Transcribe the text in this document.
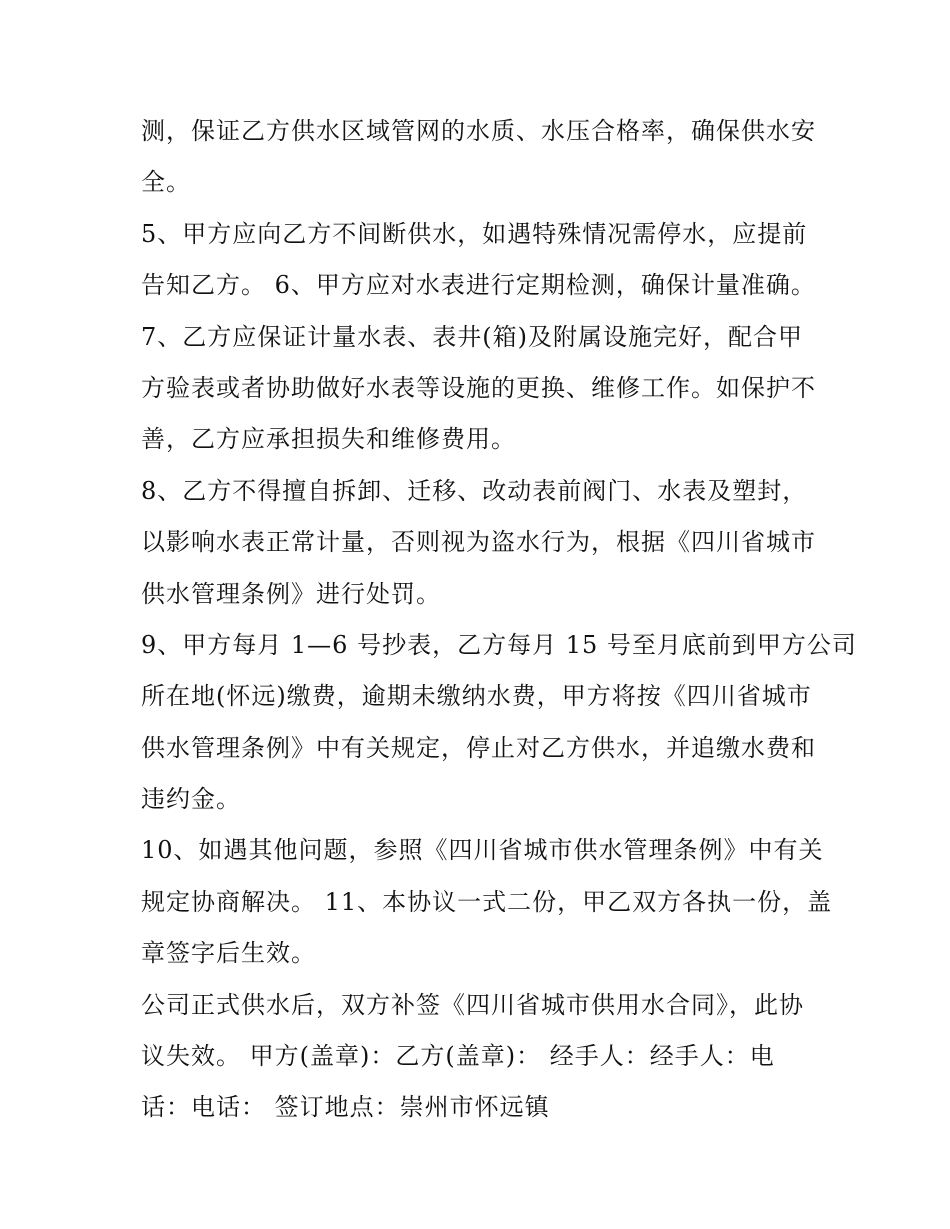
测，保证乙方供水区域管网的水质、水压合格率，确保供水安
全。
5、甲方应向乙方不间断供水，如遇特殊情况需停水，应提前
告知乙方。 6、甲方应对水表进行定期检测，确保计量准确。
7、乙方应保证计量水表、表井(箱)及附属设施完好，配合甲
方验表或者协助做好水表等设施的更换、维修工作。如保护不
善，乙方应承担损失和维修费用。
8、乙方不得擅自拆卸、迁移、改动表前阀门、水表及塑封，
以影响水表正常计量，否则视为盗水行为，根据《四川省城市
供水管理条例》进行处罚。
9、甲方每月 1—6 号抄表，乙方每月 15 号至月底前到甲方公司
所在地(怀远)缴费，逾期未缴纳水费，甲方将按《四川省城市
供水管理条例》中有关规定，停止对乙方供水，并追缴水费和
违约金。
10、如遇其他问题，参照《四川省城市供水管理条例》中有关
规定协商解决。 11、本协议一式二份，甲乙双方各执一份，盖
章签字后生效。
公司正式供水后，双方补签《四川省城市供用水合同》，此协
议失效。 甲方(盖章)：乙方(盖章)： 经手人：经手人：电
话：电话： 签订地点：崇州市怀远镇
